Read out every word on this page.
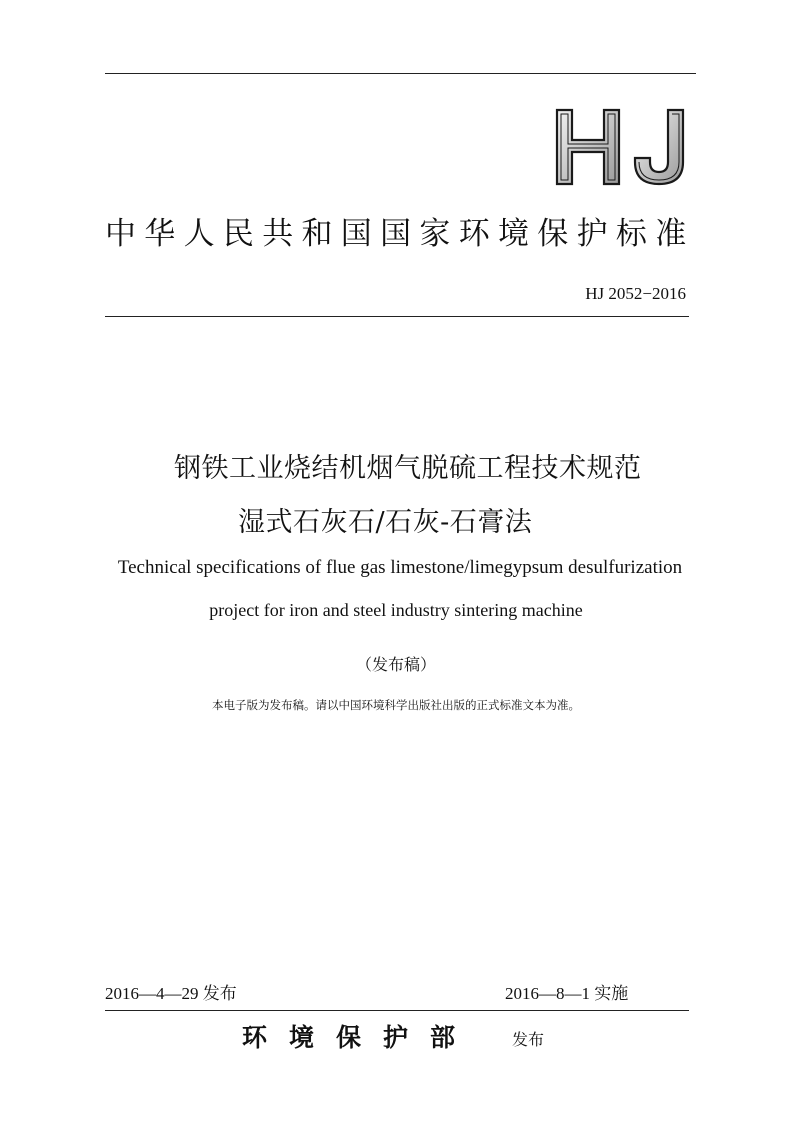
HJ
中华人民共和国国家环境保护标准
HJ 2052−2016
钢铁工业烧结机烟气脱硫工程技术规范
湿式石灰石/石灰-石膏法
Technical specifications of flue gas limestone/limegypsum desulfurization
project for iron and steel industry sintering machine
（发布稿）
本电子版为发布稿。请以中国环境科学出版社出版的正式标准文本为准。
2016—4—29 发布	2016—8—1 实施
环境保护部 发布
